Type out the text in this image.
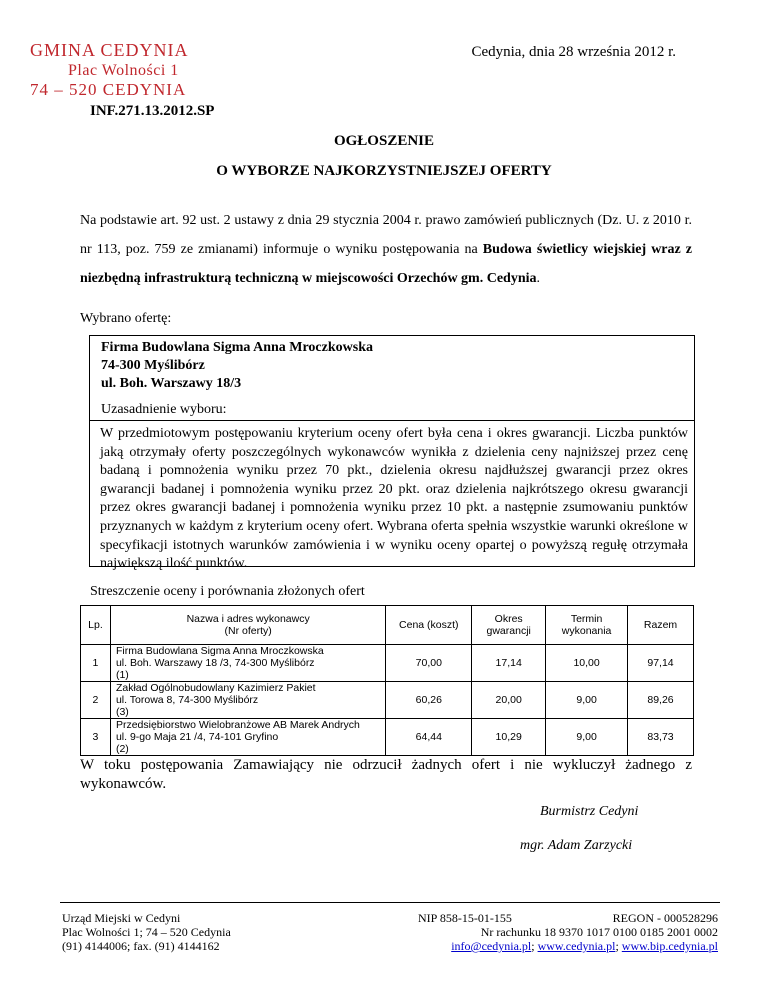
GMINA CEDYNIA
Plac Wolności 1
74 – 520 CEDYNIA
Cedynia, dnia 28 września 2012 r.
INF.271.13.2012.SP
OGŁOSZENIE
O WYBORZE NAJKORZYSTNIEJSZEJ OFERTY
Na podstawie art. 92 ust. 2 ustawy z dnia 29 stycznia 2004 r. prawo zamówień publicznych (Dz. U. z 2010 r. nr 113, poz. 759 ze zmianami) informuje o wyniku postępowania na Budowa świetlicy wiejskiej wraz z niezbędną infrastrukturą techniczną w miejscowości Orzechów gm. Cedynia.
Wybrano ofertę:
Firma Budowlana Sigma Anna Mroczkowska
74-300 Myślibórz
ul. Boh. Warszawy 18/3
Uzasadnienie wyboru:
W przedmiotowym postępowaniu kryterium oceny ofert była cena i okres gwarancji. Liczba punktów jaką otrzymały oferty poszczególnych wykonawców wynikła z dzielenia ceny najniższej przez cenę badaną i pomnożenia wyniku przez 70 pkt., dzielenia okresu najdłuższej gwarancji przez okres gwarancji badanej i pomnożenia wyniku przez 20 pkt. oraz dzielenia najkrótszego okresu gwarancji przez okres gwarancji badanej i pomnożenia wyniku przez 10 pkt. a następnie zsumowaniu punktów przyznanych w każdym z kryterium oceny ofert. Wybrana oferta spełnia wszystkie warunki określone w specyfikacji istotnych warunków zamówienia i w wyniku oceny opartej o powyższą regułę otrzymała największą ilość punktów.
Streszczenie oceny i porównania złożonych ofert
Lp.	Nazwa i adres wykonawcy
(Nr oferty)	Cena (koszt)	Okres
gwarancji	Termin
wykonania	Razem
1	Firma Budowlana Sigma Anna Mroczkowska
ul. Boh. Warszawy 18 /3, 74-300 Myślibórz
(1)	70,00	17,14	10,00	97,14
2	Zakład Ogólnobudowlany Kazimierz Pakiet
ul. Torowa 8, 74-300 Myślibórz
(3)	60,26	20,00	9,00	89,26
3	Przedsiębiorstwo Wielobranżowe AB Marek Andrych
ul. 9-go Maja 21 /4, 74-101 Gryfino
(2)	64,44	10,29	9,00	83,73
W toku postępowania Zamawiający nie odrzucił żadnych ofert i nie wykluczył żadnego z wykonawców.
Burmistrz Cedyni
mgr. Adam Zarzycki
Urząd Miejski w Cedyni
Plac Wolności 1; 74 – 520 Cedynia
(91) 4144006; fax. (91) 4144162
NIP 858-15-01-155	REGON - 000528296
Nr rachunku 18 9370 1017 0100 0185 2001 0002
info@cedynia.pl; www.cedynia.pl; www.bip.cedynia.pl
